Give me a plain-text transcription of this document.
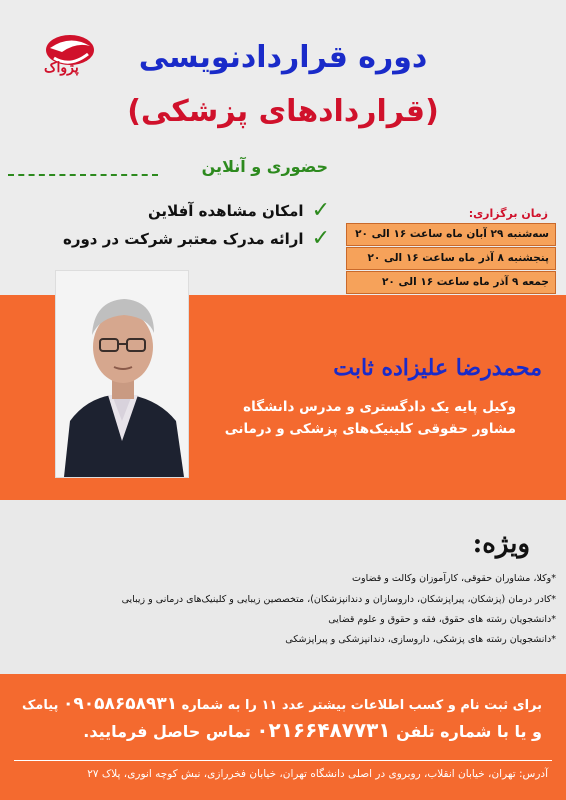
پژواک	دوره قراردادنویسی
(قراردادهای پزشکی)
حضوری و آنلاین
✓
امکان مشاهده آفلاین
✓
ارائه مدرک معتبر شرکت در دوره
زمان برگزاری:
سه‌شنبه ۲۹ آبان ماه ساعت ۱۶ الی ۲۰
پنجشنبه ۸ آذر ماه ساعت ۱۶ الی ۲۰
جمعه ۹ آذر ماه ساعت ۱۶ الی ۲۰
محمدرضا علیزاده ثابت
وکیل پایه یک دادگستری و مدرس دانشگاه
مشاور حقوقی کلینیک‌های پزشکی و درمانی
ویژه:
*وکلا، مشاوران حقوقی، کارآموزان وکالت و قضاوت
*کادر درمان (پزشکان، پیراپزشکان، داروسازان و دندانپزشکان)، متخصصین زیبایی و کلینیک‌های درمانی و زیبایی
*دانشجویان رشته های حقوق، فقه و حقوق و علوم قضایی
*دانشجویان رشته های پزشکی، داروسازی، دندانپزشکی و پیراپزشکی
برای ثبت نام و کسب اطلاعات بیشتر عدد ۱۱ را به شماره ۰۹۰۵۸۶۵۸۹۳۱ پیامک
و یا با شماره تلفن ۰۲۱۶۶۴۸۷۷۳۱ تماس حاصل فرمایید.
آدرس: تهران، خیابان انقلاب، روبروی در اصلی دانشگاه تهران، خیابان فخررازی، نبش کوچه انوری، پلاک ۲۷
